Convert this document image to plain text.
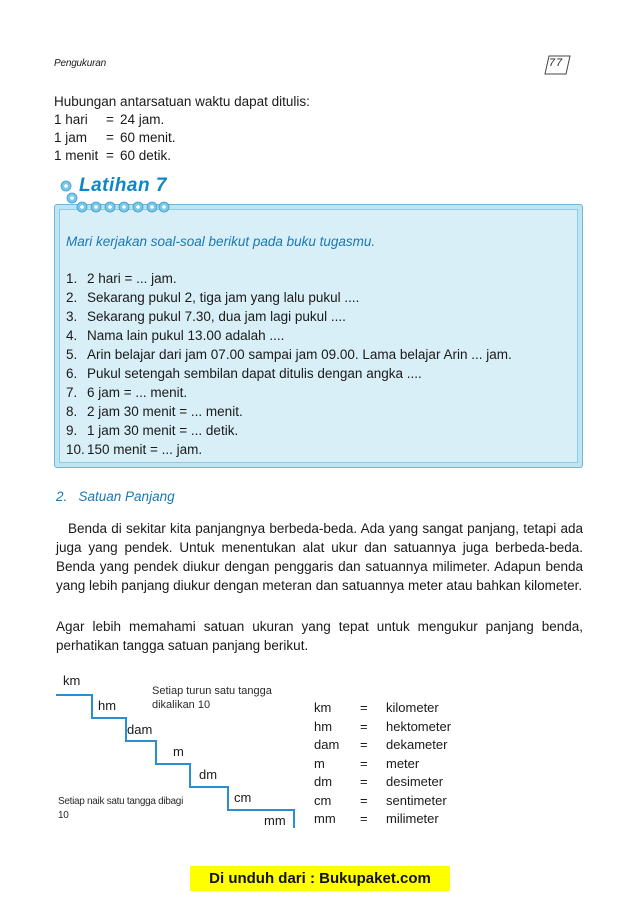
Pengukuran	77
Hubungan antarsatuan waktu dapat ditulis:
1 hari	= 24 jam.
1 jam	= 60 menit.
1 menit = 60 detik.
Latihan 7
Mari kerjakan soal-soal berikut pada buku tugasmu.
1. 2 hari = ... jam.
2. Sekarang pukul 2, tiga jam yang lalu pukul ....
3. Sekarang pukul 7.30, dua jam lagi pukul ....
4. Nama lain pukul 13.00 adalah ....
5. Arin belajar dari jam 07.00 sampai jam 09.00. Lama belajar Arin ... jam.
6. Pukul setengah sembilan dapat ditulis dengan angka ....
7. 6 jam = ... menit.
8. 2 jam 30 menit = ... menit.
9. 1 jam 30 menit = ... detik.
10. 150 menit = ... jam.
2.   Satuan Panjang
Benda di sekitar kita panjangnya berbeda-beda. Ada yang sangat panjang, tetapi ada juga yang pendek. Untuk menentukan alat ukur dan satuannya juga berbeda-beda. Benda yang pendek diukur dengan penggaris dan satuannya milimeter. Adapun benda yang lebih panjang diukur dengan meteran dan satuannya meter atau bahkan kilometer.
Agar lebih memahami satuan ukuran yang tepat untuk mengukur panjang benda, perhatikan tangga satuan panjang berikut.
km
hm
dam
m
dm
cm
mm
Setiap turun satu tangga dikalikan 10
Setiap naik satu tangga dibagi
10
km	=	kilometer
hm	=	hektometer
dam	=	dekameter
m	=	meter
dm	=	desimeter
cm	=	sentimeter
mm	=	milimeter
Di unduh dari : Bukupaket.com
